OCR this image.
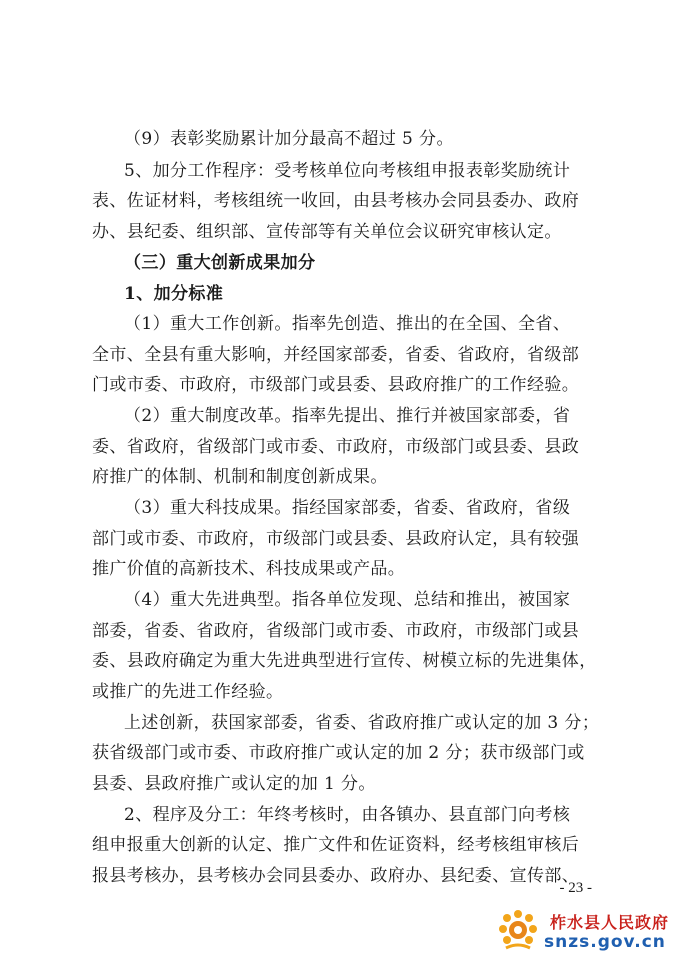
（9）表彰奖励累计加分最高不超过 5 分。
5、加分工作程序：受考核单位向考核组申报表彰奖励统计
表、佐证材料，考核组统一收回，由县考核办会同县委办、政府
办、县纪委、组织部、宣传部等有关单位会议研究审核认定。
（三）重大创新成果加分
1、加分标准
（1）重大工作创新。指率先创造、推出的在全国、全省、
全市、全县有重大影响，并经国家部委，省委、省政府，省级部
门或市委、市政府，市级部门或县委、县政府推广的工作经验。
（2）重大制度改革。指率先提出、推行并被国家部委，省
委、省政府，省级部门或市委、市政府，市级部门或县委、县政
府推广的体制、机制和制度创新成果。
（3）重大科技成果。指经国家部委，省委、省政府，省级
部门或市委、市政府，市级部门或县委、县政府认定，具有较强
推广价值的高新技术、科技成果或产品。
（4）重大先进典型。指各单位发现、总结和推出，被国家
部委，省委、省政府，省级部门或市委、市政府，市级部门或县
委、县政府确定为重大先进典型进行宣传、树模立标的先进集体，
或推广的先进工作经验。
上述创新，获国家部委，省委、省政府推广或认定的加 3 分；
获省级部门或市委、市政府推广或认定的加 2 分；获市级部门或
县委、县政府推广或认定的加 1 分。
2、程序及分工：年终考核时，由各镇办、县直部门向考核
组申报重大创新的认定、推广文件和佐证资料，经考核组审核后
报县考核办，县考核办会同县委办、政府办、县纪委、宣传部、
- 23 -
柞水县人民政府
snzs.gov.cn
